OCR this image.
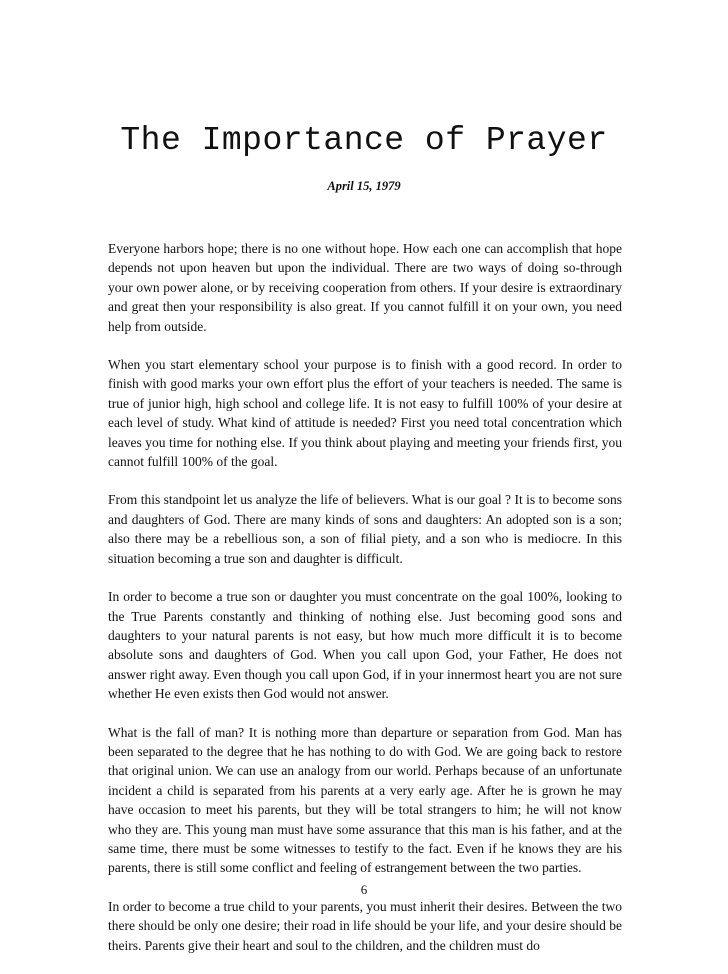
The Importance of Prayer
April 15, 1979

Everyone harbors hope; there is no one without hope. How each one can accomplish that hope depends not upon heaven but upon the individual. There are two ways of doing so-through your own power alone, or by receiving cooperation from others. If your desire is extraordinary and great then your responsibility is also great. If you cannot fulfill it on your own, you need help from outside.

When you start elementary school your purpose is to finish with a good record. In order to finish with good marks your own effort plus the effort of your teachers is needed. The same is true of junior high, high school and college life. It is not easy to fulfill 100% of your desire at each level of study. What kind of attitude is needed? First you need total concentration which leaves you time for nothing else. If you think about playing and meeting your friends first, you cannot fulfill 100% of the goal.

From this standpoint let us analyze the life of believers. What is our goal ? It is to become sons and daughters of God. There are many kinds of sons and daughters: An adopted son is a son; also there may be a rebellious son, a son of filial piety, and a son who is mediocre. In this situation becoming a true son and daughter is difficult.

In order to become a true son or daughter you must concentrate on the goal 100%, looking to the True Parents constantly and thinking of nothing else. Just becoming good sons and daughters to your natural parents is not easy, but how much more difficult it is to become absolute sons and daughters of God. When you call upon God, your Father, He does not answer right away. Even though you call upon God, if in your innermost heart you are not sure whether He even exists then God would not answer.

What is the fall of man? It is nothing more than departure or separation from God. Man has been separated to the degree that he has nothing to do with God. We are going back to restore that original union. We can use an analogy from our world. Perhaps because of an unfortunate incident a child is separated from his parents at a very early age. After he is grown he may have occasion to meet his parents, but they will be total strangers to him; he will not know who they are. This young man must have some assurance that this man is his father, and at the same time, there must be some witnesses to testify to the fact. Even if he knows they are his parents, there is still some conflict and feeling of estrangement between the two parties.

In order to become a true child to your parents, you must inherit their desires. Between the two there should be only one desire; their road in life should be your life, and your desire should be theirs. Parents give their heart and soul to the children, and the children must do

6
